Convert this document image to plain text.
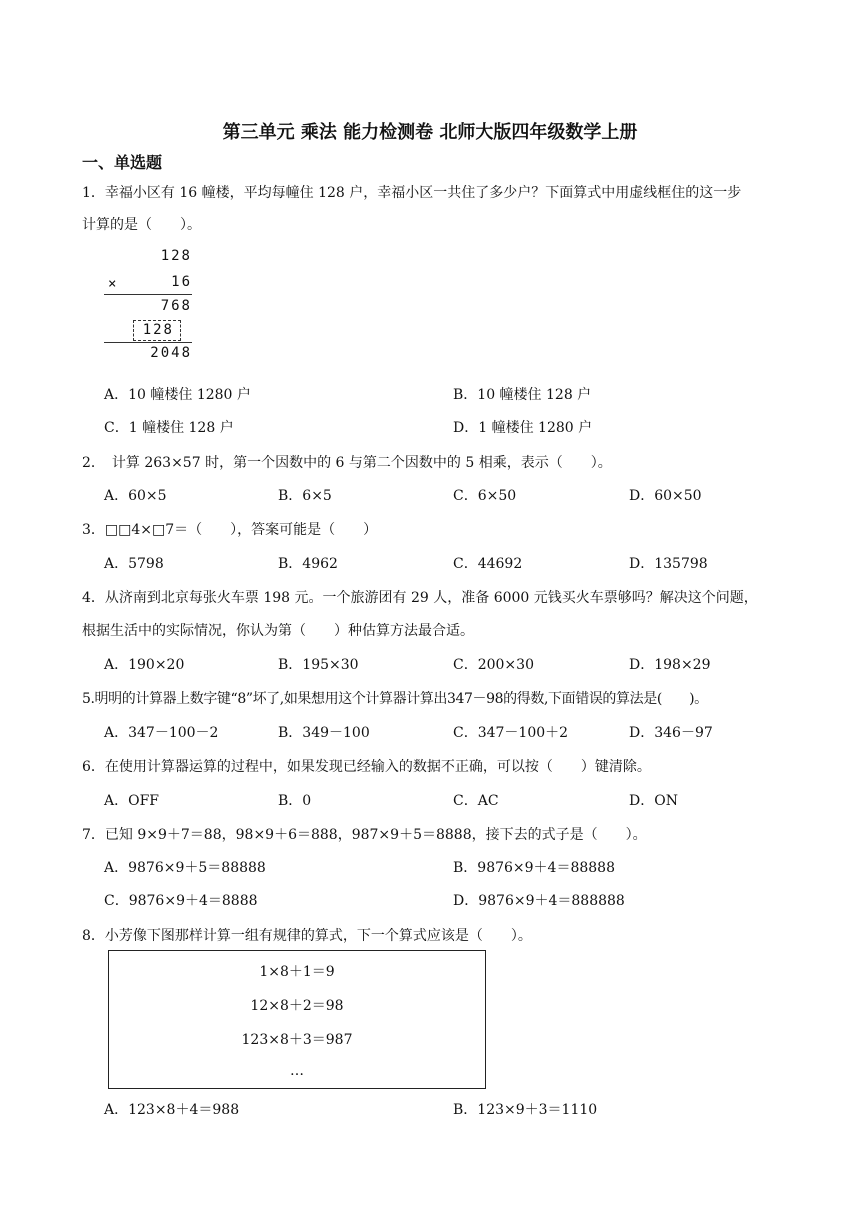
第三单元 乘法 能力检测卷 北师大版四年级数学上册
一、单选题
1．幸福小区有 16 幢楼，平均每幢住 128 户，幸福小区一共住了多少户？下面算式中用虚线框住的这一步
计算的是（　　）。
128
×	16
768
128
2048
A．10 幢楼住 1280 户	B．10 幢楼住 128 户
C．1 幢楼住 128 户	D．1 幢楼住 1280 户
2．　计算 263×57 时，第一个因数中的 6 与第二个因数中的 5 相乘，表示（　　）。
A．60×5	B．6×5	C．6×50	D．60×50
3．□□4×□7＝（　　），答案可能是（　　）
A．5798	B．4962	C．44692	D．135798
4．从济南到北京每张火车票 198 元。一个旅游团有 29 人，准备 6000 元钱买火车票够吗？解决这个问题，
根据生活中的实际情况，你认为第（　　）种估算方法最合适。
A．190×20	B．195×30	C．200×30	D．198×29
5.明明的计算器上数字键“8”坏了,如果想用这个计算器计算出347－98的得数,下面错误的算法是(　　)。
A．347－100－2	B．349－100	C．347－100＋2	D．346－97
6．在使用计算器运算的过程中，如果发现已经输入的数据不正确，可以按（　　）键清除。
A．OFF	B．0	C．AC	D．ON
7．已知 9×9＋7＝88，98×9＋6＝888，987×9＋5＝8888，接下去的式子是（　　）。
A．9876×9＋5＝88888	B．9876×9＋4＝88888
C．9876×9＋4＝8888	D．9876×9＋4＝888888
8．小芳像下图那样计算一组有规律的算式，下一个算式应该是（　　）。
1×8＋1＝9
12×8＋2＝98
123×8＋3＝987
…
A．123×8＋4＝988	B．123×9＋3＝1110
